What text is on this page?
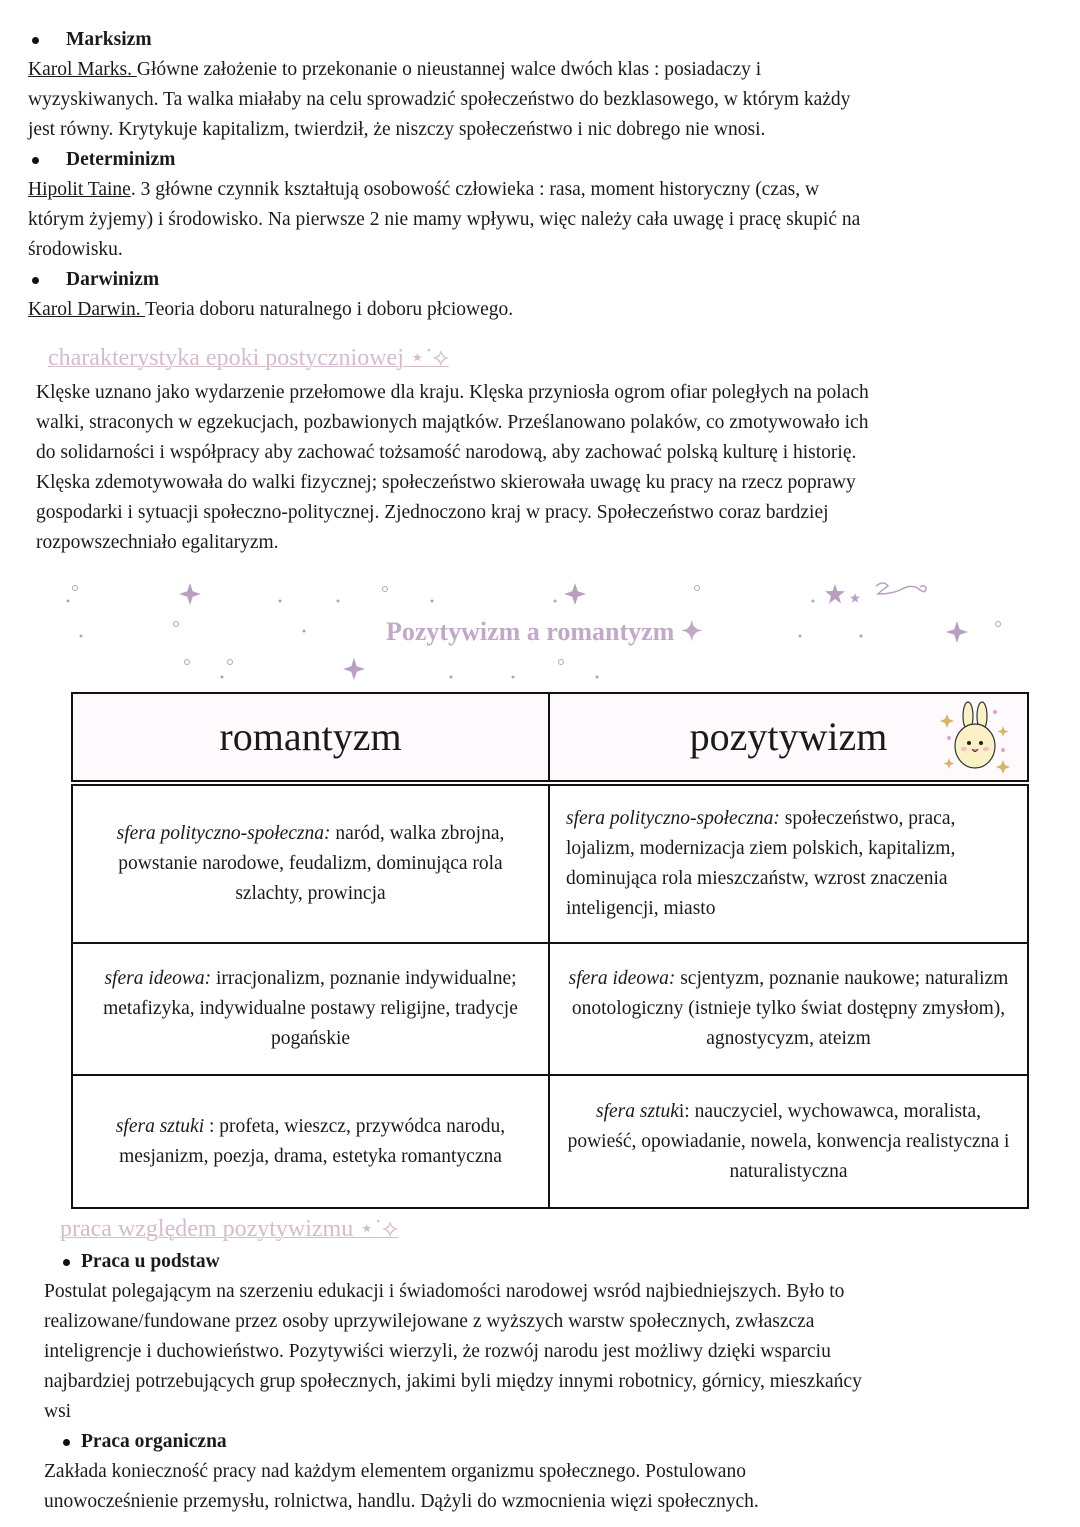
Marksizm
Karol Marks. Główne założenie to przekonanie o nieustannej walce dwóch klas : posiadaczy i
wyzyskiwanych. Ta walka miałaby na celu sprowadzić społeczeństwo do bezklasowego, w którym każdy
jest równy. Krytykuje kapitalizm, twierdził, że niszczy społeczeństwo i nic dobrego nie wnosi.
Determinizm
Hipolit Taine. 3 główne czynnik kształtują osobowość człowieka : rasa, moment historyczny (czas, w
którym żyjemy) i środowisko. Na pierwsze 2 nie mamy wpływu, więc należy cała uwagę i pracę skupić na
środowisku.
Darwinizm
Karol Darwin. Teoria doboru naturalnego i doboru płciowego.
charakterystyka epoki postyczniowej ⋆˙⟡
Klęske uznano jako wydarzenie przełomowe dla kraju. Klęska przyniosła ogrom ofiar poległych na polach
walki, straconych w egzekucjach, pozbawionych majątków. Prześlanowano polaków, co zmotywowało ich
do solidarności i współpracy aby zachować tożsamość narodową, aby zachować polską kulturę i historię.
Klęska zdemotywowała do walki fizycznej; społeczeństwo skierowała uwagę ku pracy na rzecz poprawy
gospodarki i sytuacji społeczno-politycznej. Zjednoczono kraj w pracy. Społeczeństwo coraz bardziej
rozpowszechniało egalitaryzm.
Pozytywizm a romantyzm ✦
romantyzm	pozytywizm

sfera polityczno-społeczna: naród, walka zbrojna, powstanie narodowe, feudalizm, dominująca rola szlachty, prowincja	sfera polityczno-społeczna: społeczeństwo, praca, lojalizm, modernizacja ziem polskich, kapitalizm, dominująca rola mieszczaństw, wzrost znaczenia inteligencji, miasto
sfera ideowa: irracjonalizm, poznanie indywidualne; metafizyka, indywidualne postawy religijne, tradycje pogańskie	sfera ideowa: scjentyzm, poznanie naukowe; naturalizm onotologiczny (istnieje tylko świat dostępny zmysłom), agnostycyzm, ateizm
sfera sztuki : profeta, wieszcz, przywódca narodu, mesjanizm, poezja, drama, estetyka romantyczna	sfera sztuki: nauczyciel, wychowawca, moralista, powieść, opowiadanie, nowela, konwencja realistyczna i naturalistyczna
praca względem pozytywizmu ⋆˙⟡
Praca u podstaw
Postulat polegającym na szerzeniu edukacji i świadomości narodowej wsród najbiedniejszych. Było to
realizowane/fundowane przez osoby uprzywilejowane z wyższych warstw społecznych, zwłaszcza
inteligrencje i duchowieństwo. Pozytywiści wierzyli, że rozwój narodu jest możliwy dzięki wsparciu
najbardziej potrzebujących grup społecznych, jakimi byli między innymi robotnicy, górnicy, mieszkańcy
wsi
Praca organiczna
Zakłada konieczność pracy nad każdym elementem organizmu społecznego. Postulowano
unowocześnienie przemysłu, rolnictwa, handlu. Dążyli do wzmocnienia więzi społecznych.
